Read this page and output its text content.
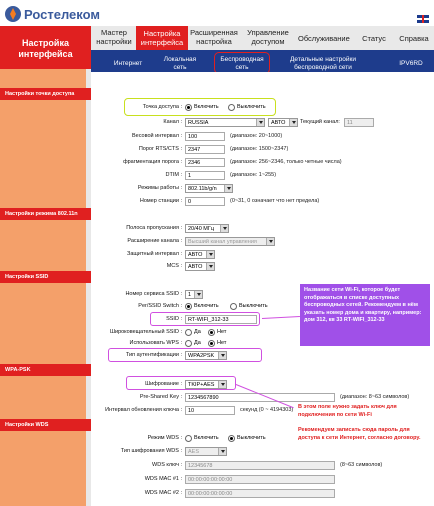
Ростелеком
Настройка интерфейса
Мастер настройки
Настройка интерфейса
Расширенная настройка
Управление доступом	Обслуживание Статус	Справка
Интернет
Локальная сеть
Беспроводная сеть
Детальные настройки беспроводной сети
IPV6RD
Настройки точки доступа
Настройки режима 802.11n
Настройки SSID
WPA-PSK
Настройки WDS
Точка доступа : Включить	Выключить
Канал :	RUSSIA	АВТО	Текущий канал:	11
Весовой интервал :	100	(диапазон: 20~1000)
Порог RTS/CTS :	2347	(диапазон: 1500~2347)
фрагментация порога :	2346	(диапазон: 256~2346, только четные числа)
DTIM :	1	(диапазон: 1~255)
Режимы работы :	802.11b/g/n
Номер станции :	0	(0~31, 0 означает что нет предела)
Полоса пропускания :	20/40 МГц
Расширение канала :	Высший канал управления
Защитный интервал :	АВТО
MCS :	АВТО
Номер сервиса SSID :	1
Per/SSID Switch : Включить	Выключить
SSID :	RT-WIFI_312-33
Широковещательный SSID : Да	Нет
Использовать WPS : Да	Нет
Тип аутентификации :	WPA2PSK
Шифрование :	TKIP+AES
Pre-Shared Key :	1234567890	(диапазон: 8~63 символов)
Интервал обновления ключа :	10	секунд (0 ~ 4194303)
Режим WDS : Включить	Выключить
Тип шифрования WDS :	AES
WDS ключ :	12345678	(8~63 символов)
WDS MAC #1 :	00:00:00:00:00:00
WDS MAC #2 :	00:00:00:00:00:00
Название сети Wi-Fi, которое будет отображаться в списке доступных беспроводных сетей. Рекомендуем в нём указать номер дома и квартиру, например: дом 312, кв 33 RT-WIFI_312-33
В этом поле нужно задать ключ для подключения по сети Wi-Fi
Рекомендуем записать сюда пароль для доступа к сети Интернет, согласно договору.
